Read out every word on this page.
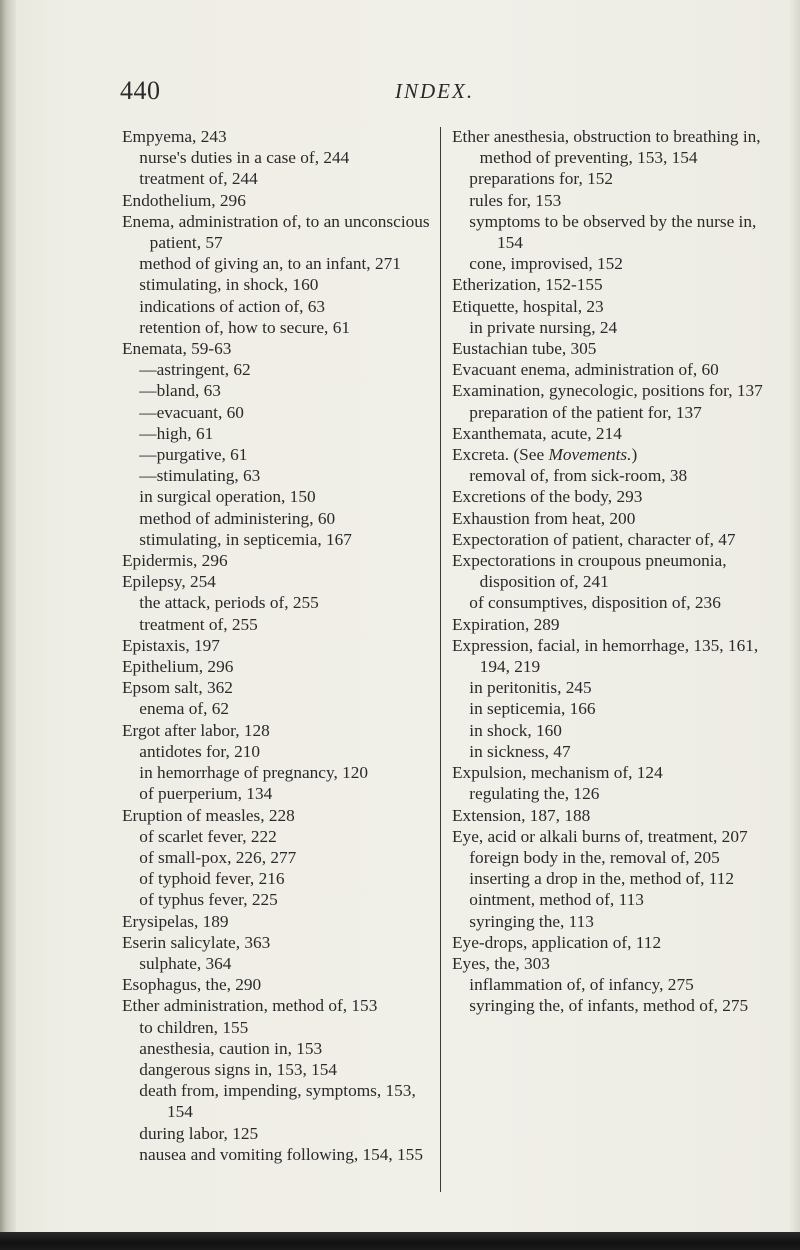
440	INDEX.
Empyema, 243
nurse's duties in a case of, 244
treatment of, 244
Endothelium, 296
Enema, administration of, to an unconscious patient, 57
method of giving an, to an infant, 271
stimulating, in shock, 160
indications of action of, 63
retention of, how to secure, 61
Enemata, 59-63
—astringent, 62
—bland, 63
—evacuant, 60
—high, 61
—purgative, 61
—stimulating, 63
in surgical operation, 150
method of administering, 60
stimulating, in septicemia, 167
Epidermis, 296
Epilepsy, 254
the attack, periods of, 255
treatment of, 255
Epistaxis, 197
Epithelium, 296
Epsom salt, 362
enema of, 62
Ergot after labor, 128
antidotes for, 210
in hemorrhage of pregnancy, 120
of puerperium, 134
Eruption of measles, 228
of scarlet fever, 222
of small-pox, 226, 277
of typhoid fever, 216
of typhus fever, 225
Erysipelas, 189
Eserin salicylate, 363
sulphate, 364
Esophagus, the, 290
Ether administration, method of, 153
to children, 155
anesthesia, caution in, 153
dangerous signs in, 153, 154
death from, impending, symptoms, 153, 154
during labor, 125
nausea and vomiting following, 154, 155
Ether anesthesia, obstruction to breathing in, method of preventing, 153, 154
preparations for, 152
rules for, 153
symptoms to be observed by the nurse in, 154
cone, improvised, 152
Etherization, 152-155
Etiquette, hospital, 23
in private nursing, 24
Eustachian tube, 305
Evacuant enema, administration of, 60
Examination, gynecologic, positions for, 137
preparation of the patient for, 137
Exanthemata, acute, 214
Excreta. (See Movements.)
removal of, from sick-room, 38
Excretions of the body, 293
Exhaustion from heat, 200
Expectoration of patient, character of, 47
Expectorations in croupous pneumonia, disposition of, 241
of consumptives, disposition of, 236
Expiration, 289
Expression, facial, in hemorrhage, 135, 161, 194, 219
in peritonitis, 245
in septicemia, 166
in shock, 160
in sickness, 47
Expulsion, mechanism of, 124
regulating the, 126
Extension, 187, 188
Eye, acid or alkali burns of, treatment, 207
foreign body in the, removal of, 205
inserting a drop in the, method of, 112
ointment, method of, 113
syringing the, 113
Eye-drops, application of, 112
Eyes, the, 303
inflammation of, of infancy, 275
syringing the, of infants, method of, 275
